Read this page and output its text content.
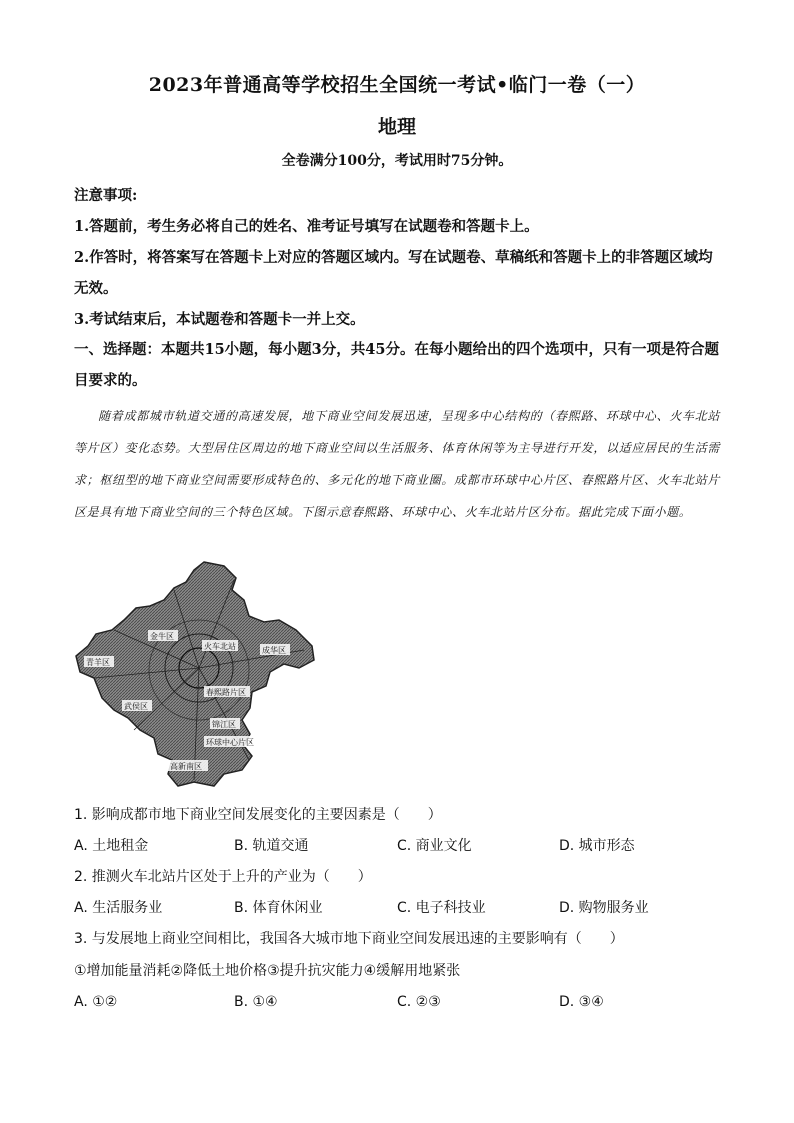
2023年普通高等学校招生全国统一考试•临门一卷（一）
地理
全卷满分100分，考试用时75分钟。
注意事项:
1.答题前，考生务必将自己的姓名、准考证号填写在试题卷和答题卡上。
2.作答时，将答案写在答题卡上对应的答题区域内。写在试题卷、草稿纸和答题卡上的非答题区域均无效。
3.考试结束后，本试题卷和答题卡一并上交。
一、选择题：本题共15小题，每小题3分，共45分。在每小题给出的四个选项中，只有一项是符合题目要求的。
随着成都城市轨道交通的高速发展，地下商业空间发展迅速，呈现多中心结构的（春熙路、环球中心、火车北站等片区）变化态势。大型居住区周边的地下商业空间以生活服务、体育休闲等为主导进行开发，以适应居民的生活需求；枢纽型的地下商业空间需要形成特色的、多元化的地下商业圈。成都市环球中心片区、春熙路片区、火车北站片区是具有地下商业空间的三个特色区域。下图示意春熙路、环球中心、火车北站片区分布。据此完成下面小题。
金牛区
火车北站	成华区
青羊区
春熙路片区
武侯区
锦江区
环球中心片区
高新南区
1. 影响成都市地下商业空间发展变化的主要因素是（　　）
A. 土地租金	B. 轨道交通	C. 商业文化	D. 城市形态
2. 推测火车北站片区处于上升的产业为（　　）
A. 生活服务业	B. 体育休闲业	C. 电子科技业	D. 购物服务业
3. 与发展地上商业空间相比，我国各大城市地下商业空间发展迅速的主要影响有（　　）
①增加能量消耗②降低土地价格③提升抗灾能力④缓解用地紧张
A. ①②	B. ①④	C. ②③	D. ③④
